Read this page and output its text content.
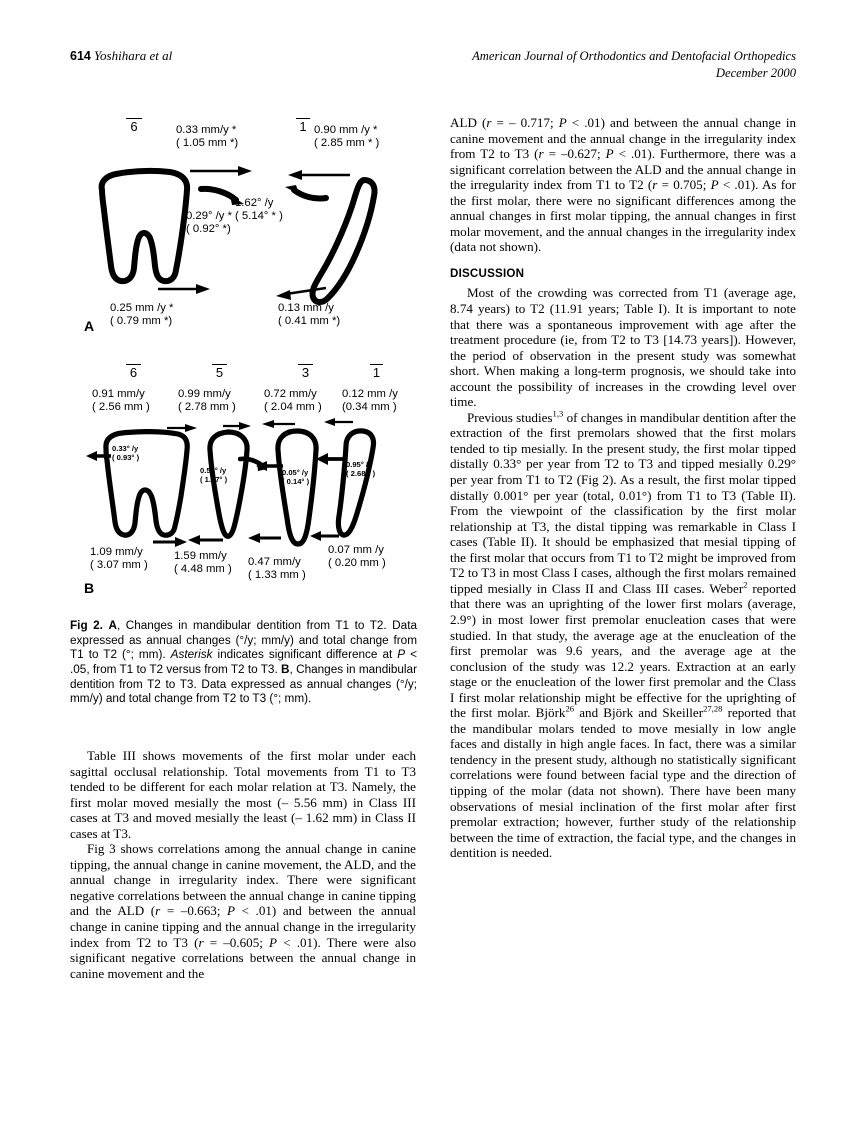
614 Yoshihara et al	American Journal of Orthodontics and Dentofacial Orthopedics
December 2000
6	1
0.33 mm/y *
( 1.05 mm *)
0.29° /y *
( 0.92° *)
0.25 mm /y *
( 0.79 mm *)
0.90 mm /y *
( 2.85 mm * )
1.62° /y
( 5.14° * )
0.13 mm /y
( 0.41 mm *)
A
6	5	3	1
0.91 mm/y
( 2.56 mm )
0.99 mm/y
( 2.78 mm )
0.72 mm/y
( 2.04 mm )
0.12 mm /y
(0.34 mm )
0.33° /y
( 0.93° )
1.09 mm/y
( 3.07 mm )
0.52° /y
( 1.47° )
1.59 mm/y
( 4.48 mm )
0.05° /y
( 0.14° )
0.47 mm/y
( 1.33 mm )
0.95° /y
( 2.68 ° )
0.07 mm /y
( 0.20 mm )
B
Fig 2. A, Changes in mandibular dentition from T1 to T2. Data expressed as annual changes (°/y; mm/y) and total change from T1 to T2 (°; mm). Asterisk indicates significant difference at P < .05, from T1 to T2 versus from T2 to T3. B, Changes in mandibular dentition from T2 to T3. Data expressed as annual changes (°/y; mm/y) and total change from T2 to T3 (°; mm).

Table III shows movements of the first molar under each sagittal occlusal relationship. Total movements from T1 to T3 tended to be different for each molar relation at T3. Namely, the first molar moved mesially the most (– 5.56 mm) in Class III cases at T3 and moved mesially the least (– 1.62 mm) in Class II cases at T3.

Fig 3 shows correlations among the annual change in canine tipping, the annual change in canine movement, the ALD, and the annual change in irregularity index. There were significant negative correlations between the annual change in canine tipping and the ALD (r = –0.663; P < .01) and between the annual change in canine tipping and the annual change in the irregularity index from T2 to T3 (r = –0.605; P < .01). There were also significant negative correlations between the annual change in canine movement and the

ALD (r = – 0.717; P < .01) and between the annual change in canine movement and the annual change in the irregularity index from T2 to T3 (r = –0.627; P < .01). Furthermore, there was a significant correlation between the ALD and the annual change in the irregularity index from T1 to T2 (r = 0.705; P < .01). As for the first molar, there were no significant differences among the annual changes in first molar tipping, the annual changes in first molar movement, and the annual changes in the irregularity index (data not shown).

DISCUSSION

Most of the crowding was corrected from T1 (average age, 8.74 years) to T2 (11.91 years; Table I). It is important to note that there was a spontaneous improvement with age after the treatment procedure (ie, from T2 to T3 [14.73 years]). However, the period of observation in the present study was somewhat short. When making a long-term prognosis, we should take into account the possibility of increases in the crowding level over time.

Previous studies$^{1,3}$ of changes in mandibular dentition after the extraction of the first premolars showed that the first molars tended to tip mesially. In the present study, the first molar tipped distally 0.33° per year from T2 to T3 and tipped mesially 0.29° per year from T1 to T2 (Fig 2). As a result, the first molar tipped distally 0.001° per year (total, 0.01°) from T1 to T3 (Table II). From the viewpoint of the classification by the first molar relationship at T3, the distal tipping was remarkable in Class I cases (Table II). It should be emphasized that mesial tipping of the first molar that occurs from T1 to T2 might be improved from T2 to T3 in most Class I cases, although the first molars remained tipped mesially in Class II and Class III cases. Weber$^2$ reported that there was an uprighting of the lower first molars (average, 2.9°) in most lower first premolar enucleation cases that were studied. In that study, the average age at the enucleation of the first premolar was 9.6 years, and the average age at the conclusion of the study was 12.2 years. Extraction at an early stage or the enucleation of the lower first premolar and the Class I first molar relationship might be effective for the uprighting of the first molar. Björk$^{26}$ and Björk and Skeiller$^{27,28}$ reported that the mandibular molars tended to move mesially in low angle faces and distally in high angle faces. In fact, there was a similar tendency in the present study, although no statistically significant correlations were found between facial type and the direction of tipping of the molar (data not shown). There have been many observations of mesial inclination of the first molar after first premolar extraction; however, further study of the relationship between the time of extraction, the facial type, and the changes in dentition is needed.
